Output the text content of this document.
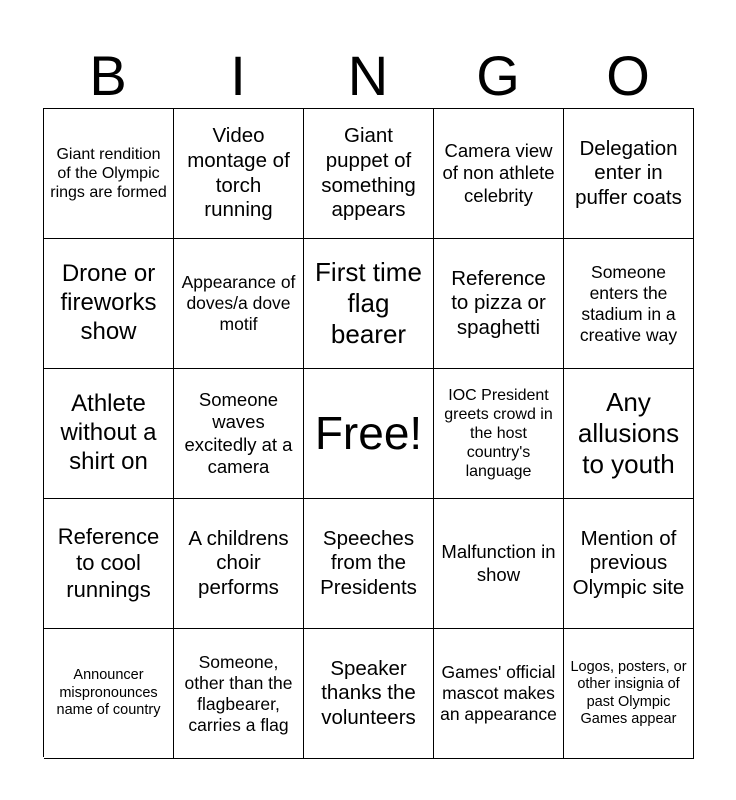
B	I	N	G	O
Giant rendition of the Olympic rings are formed
Video montage of torch running
Giant puppet of something appears
Camera view of non athlete celebrity
Delegation enter in puffer coats
Drone or fireworks show
Appearance of doves/a dove motif
First time flag bearer
Reference to pizza or spaghetti
Someone enters the stadium in a creative way
Athlete without a shirt on
Someone waves excitedly at a camera
Free!
IOC President greets crowd in the host country's language
Any allusions to youth
Reference to cool runnings
A childrens choir performs
Speeches from the Presidents
Malfunction in show
Mention of previous Olympic site
Announcer mispronounces name of country
Someone, other than the flagbearer, carries a flag
Speaker thanks the volunteers
Games' official mascot makes an appearance
Logos, posters, or other insignia of past Olympic Games appear
